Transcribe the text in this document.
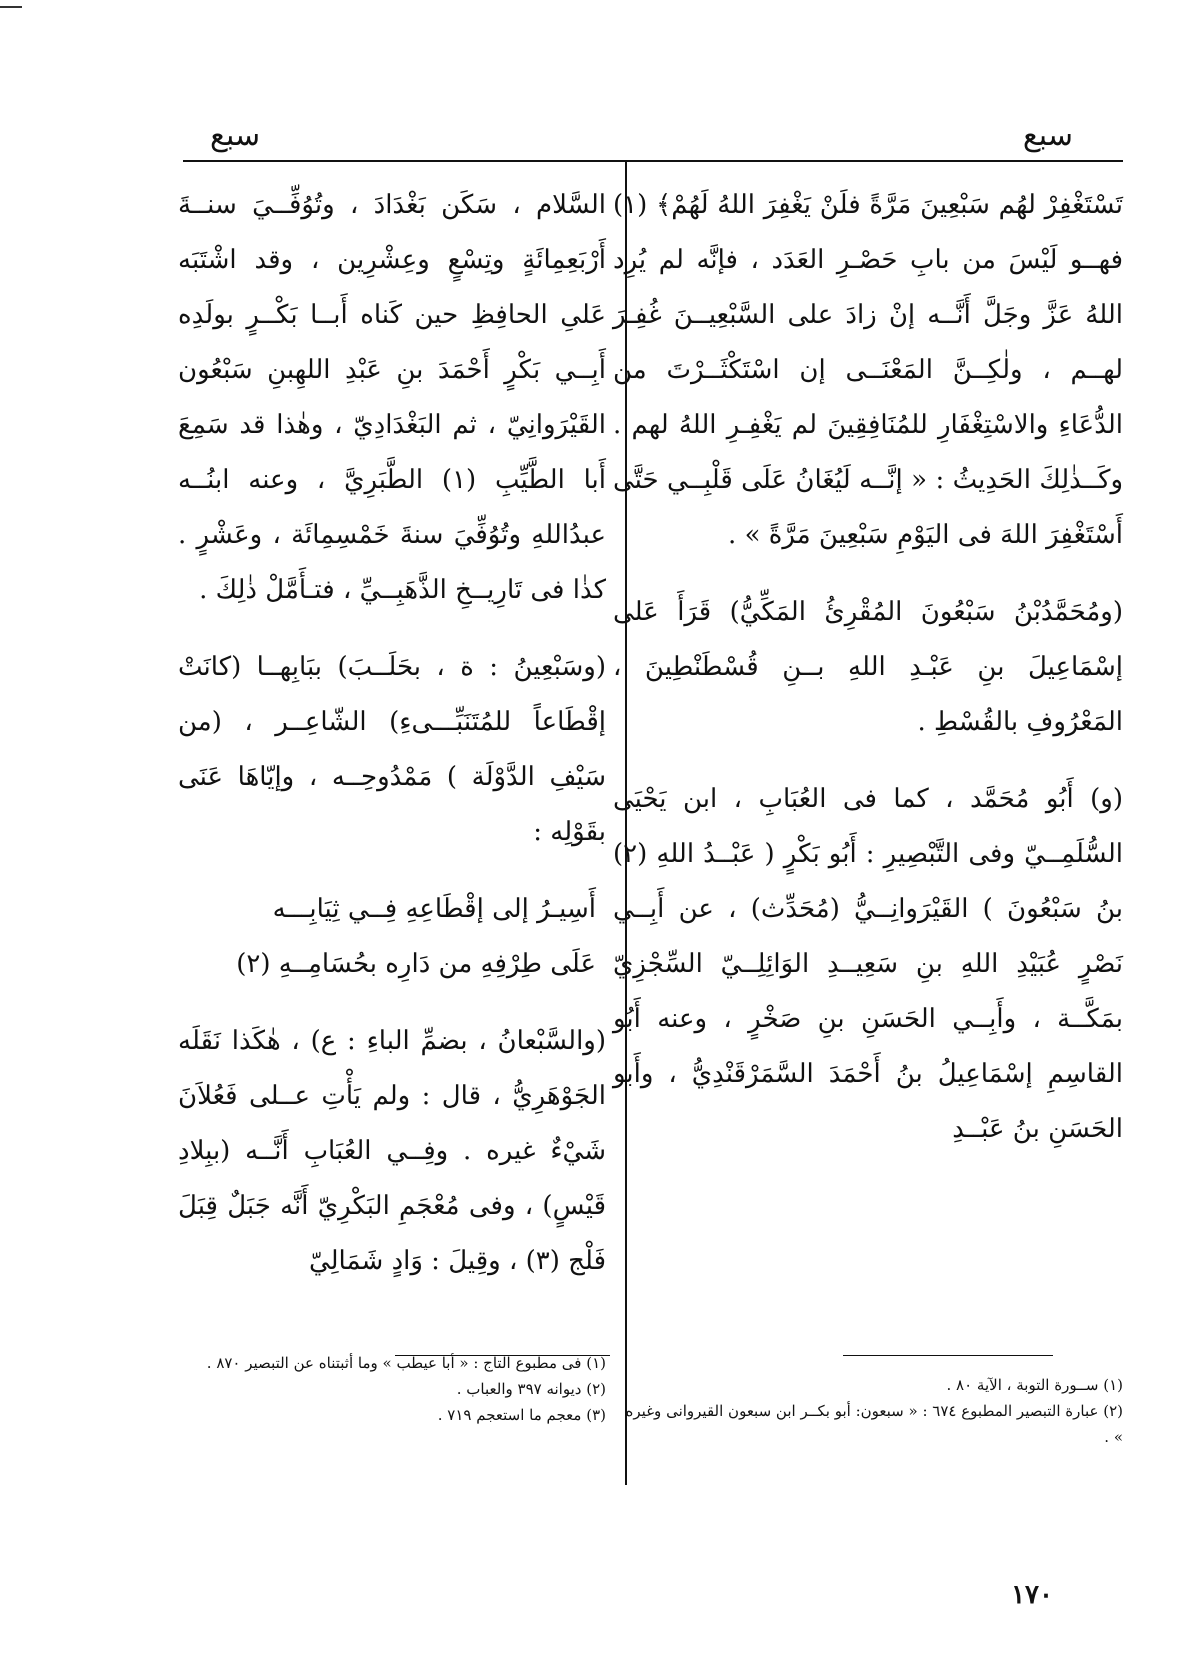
سبع
سبع

تَسْتَغْفِرْ لهُم سَبْعِينَ مَرَّةً فلَنْ يَغْفِرَ اللهُ لَهُمْ﴾ (١) فهــو لَيْسَ من بابِ حَصْـرِ العَدَد ، فإنَّه لم يُرِد اللهُ عَزَّ وجَلَّ أَنَّــه إنْ زادَ على السَّبْعِيــنَ غُفِـرَ لهــم ، ولٰكِــنَّ المَعْنَــى إن اسْتَكْثَــرْتَ من الدُّعَاءِ والاسْتِغْفَارِ للمُنَافِقِينَ لم يَغْفِـرِ اللهُ لهم . وكَــذٰلِكَ الحَدِيثُ : « إنَّــه لَيُغَانُ عَلَى قَلْبِــي حَتَّى أَسْتَغْفِرَ اللهَ فى اليَوْمِ سَبْعِينَ مَرَّةً » .

(ومُحَمَّدُبْنُ سَبْعُونَ المُقْرِئُ المَكِّيُّ) قَرَأَ عَلى إسْمَاعِيلَ بنِ عَبْـدِ اللهِ بــنِ قُسْطَنْطِينَ ، المَعْرُوفِ بالقُسْطِ .

(و) أَبُو مُحَمَّد ، كما فى العُبَابِ ، ابن يَحْيَى السُّلَمِــيّ وفى التَّبْصِيرِ : أَبُو بَكْرٍ ( عَبْــدُ اللهِ (٢) بنُ سَبْعُونَ ) القَيْرَوانِــيُّ (مُحَدِّث) ، عن أَبِــي نَصْرٍ عُبَيْدِ اللهِ بنِ سَعِيــدِ الوَائِلِــيّ السِّجْزِيّ بمَكَّــة ، وأَبِــي الحَسَنِ بنِ صَخْرٍ ، وعنه أَبُو القاسِمِ إسْمَاعِيلُ بنُ أَحْمَدَ السَّمَرْقَنْدِيُّ ، وأَبو الحَسَنِ بنُ عَبْــدِ

السَّلام ، سَكَن بَغْدَادَ ، وتُوُفِّــيَ سنــةَ أَرْبَعِمِائَةٍ وتِسْعٍ وعِشْرِين ، وقد اشْتَبَه عَلىِ الحافِظِ حين كَناه أَبــا بَكْــرٍ بولَدِه أَبِــي بَكْرٍ أَحْمَدَ بنِ عَبْدِ اللهِبنِ سَبْعُون القَيْرَوانِيّ ، ثم البَغْدَادِيّ ، وهٰذا قد سَمِعَ أَبا الطَّيِّبِ (١) الطَّبَرِيَّ ، وعنه ابنُــه عبدُاللهِ وتُوُفِّيَ سنةَ خَمْسِمِائَة ، وعَشْرٍ . كذٰا فى تَارِيــخِ الذَّهَبِــيِّ ، فتـأَمَّلْ ذٰلِكَ .

(وسَبْعِينُ : ة ، بحَلَــبَ) ببَابِهــا (كانَتْ إقْطَاعاً للمُتَنَبِّـــىءِ) الشّاعِــر ، (من سَيْفِ الدَّوْلَة ) مَمْدُوحِــه ، وإيّاهَا عَنَى بقَوْلِه :

أَسِيـرُ إلى إقْطَاعِهِ فِــي ثِيَابِـــه
عَلَى طِرْفِهِ من دَارِه بحُسَامِــهِ (٢)

(والسَّبْعانُ ، بضمِّ الباءِ : ع) ، هٰكَذا نَقَلَه الجَوْهَرِيُّ ، قال : ولم يَأْتِ عــلى فَعُلاَنَ شَيْءٌ غيره . وفِــي العُبَابِ أَنَّــه (ببِلادِ قَيْسٍ) ، وفى مُعْجَمِ البَكْرِيّ أَنَّه جَبَلٌ قِبَلَ فَلْج (٣) ، وقِيلَ : وَادٍ شَمَالِيّ

(١) ســورة التوبة ، الآية ٨٠ .
(٢) عبارة التبصير المطبوع ٦٧٤ : « سبعون: أبو بكــر ابن سبعون القيروانى وغيره » .
(١) فى مطبوع التاج : « أبا عيطب » وما أثبتناه عن التبصير ٨٧٠ .
(٢) ديوانه ٣٩٧ والعباب .
(٣) معجم ما استعجم ٧١٩ .
١٧٠
